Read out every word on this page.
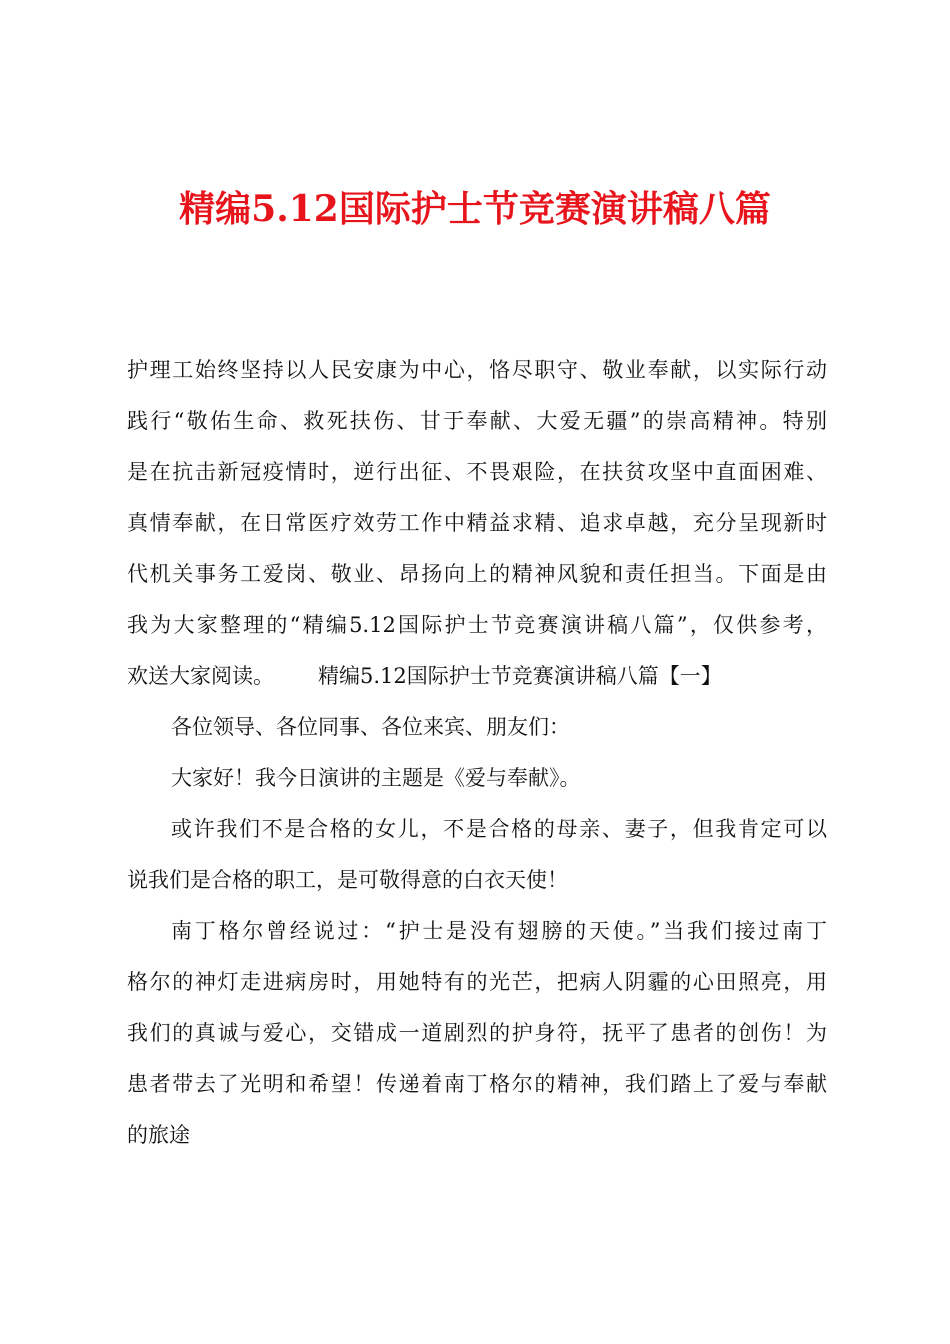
精编5.12国际护士节竞赛演讲稿八篇
护理工始终坚持以人民安康为中心，恪尽职守、敬业奉献，以实际行动
践行“敬佑生命、救死扶伤、甘于奉献、大爱无疆”的崇高精神。特别
是在抗击新冠疫情时，逆行出征、不畏艰险，在扶贫攻坚中直面困难、
真情奉献，在日常医疗效劳工作中精益求精、追求卓越，充分呈现新时
代机关事务工爱岗、敬业、昂扬向上的精神风貌和责任担当。下面是由
我为大家整理的“精编5.12国际护士节竞赛演讲稿八篇”，仅供参考，
欢送大家阅读。 精编5.12国际护士节竞赛演讲稿八篇【一】
各位领导、各位同事、各位来宾、朋友们：
大家好！我今日演讲的主题是《爱与奉献》。
或许我们不是合格的女儿，不是合格的母亲、妻子，但我肯定可以
说我们是合格的职工，是可敬得意的白衣天使！
南丁格尔曾经说过：“护士是没有翅膀的天使。”当我们接过南丁
格尔的神灯走进病房时，用她特有的光芒，把病人阴霾的心田照亮，用
我们的真诚与爱心，交错成一道剧烈的护身符，抚平了患者的创伤！为
患者带去了光明和希望！传递着南丁格尔的精神，我们踏上了爱与奉献
的旅途
